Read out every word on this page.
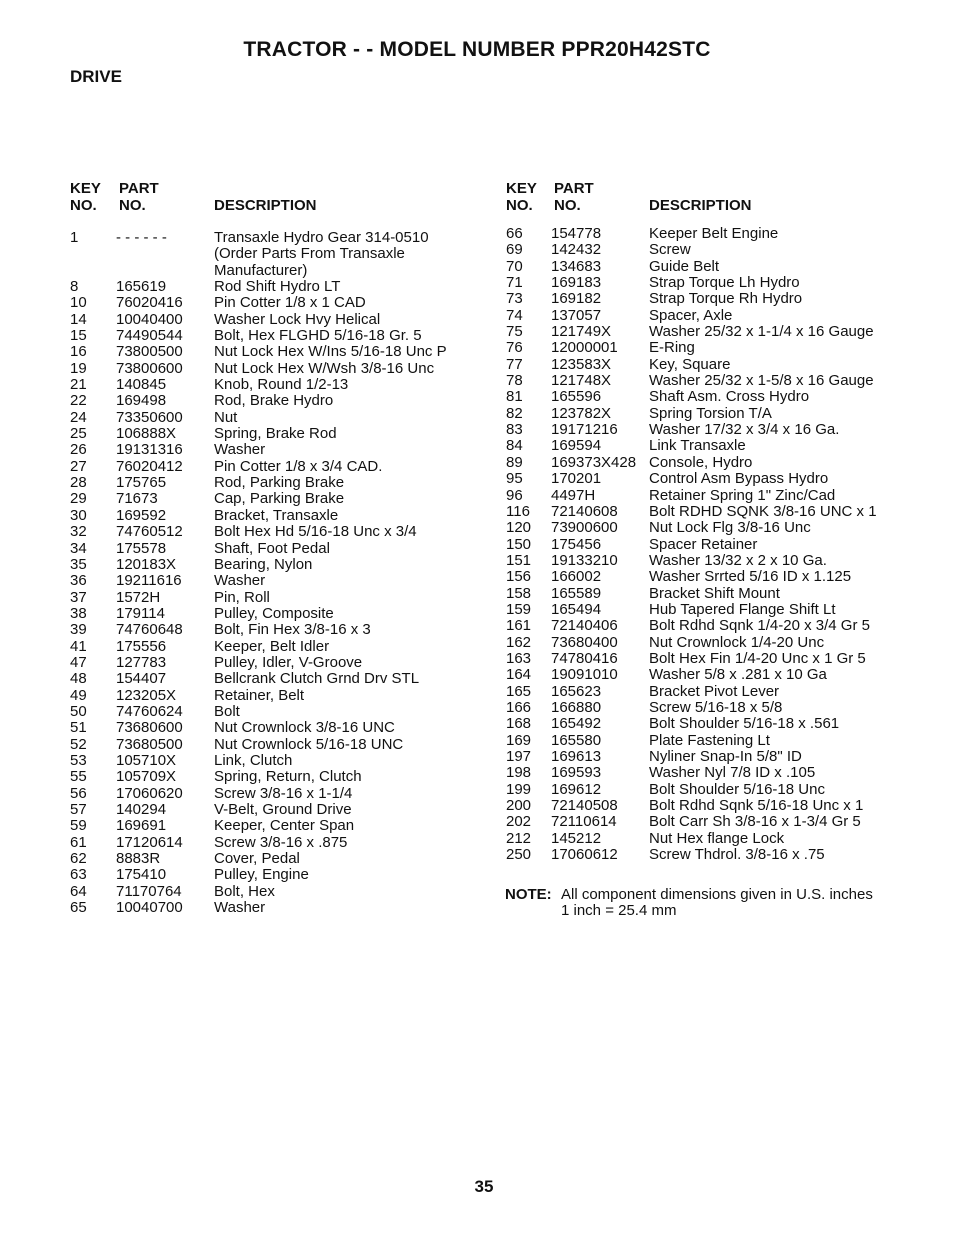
TRACTOR - - MODEL NUMBER PPR20H42STC
DRIVE
KEY
NO.
PART
NO.	DESCRIPTION
KEY
NO.
PART
NO.	DESCRIPTION
1	- - - - - -	Transaxle Hydro Gear 314-0510
(Order Parts From Transaxle
Manufacturer)
8	165619	Rod Shift Hydro LT
10 76020416 Pin Cotter 1/8 x 1 CAD
14 10040400 Washer Lock Hvy Helical
15 74490544 Bolt, Hex FLGHD 5/16-18 Gr. 5
16 73800500 Nut Lock Hex W/Ins 5/16-18 Unc P
19 73800600 Nut Lock Hex W/Wsh 3/8-16 Unc
21 140845	Knob, Round 1/2-13
22 169498	Rod, Brake Hydro
24 73350600 Nut
25 106888X	Spring, Brake Rod
26 19131316 Washer
27 76020412 Pin Cotter 1/8 x 3/4 CAD.
28 175765	Rod, Parking Brake
29 71673	Cap, Parking Brake
30 169592	Bracket, Transaxle
32 74760512 Bolt Hex Hd 5/16-18 Unc x 3/4
34 175578	Shaft, Foot Pedal
35 120183X	Bearing, Nylon
36 19211616 Washer
37 1572H	Pin, Roll
38 179114	Pulley, Composite
39 74760648 Bolt, Fin Hex 3/8-16 x 3
41 175556	Keeper, Belt Idler
47 127783	Pulley, Idler, V-Groove
48 154407	Bellcrank Clutch Grnd Drv STL
49 123205X	Retainer, Belt
50 74760624 Bolt
51 73680600 Nut Crownlock 3/8-16 UNC
52 73680500 Nut Crownlock 5/16-18 UNC
53 105710X	Link, Clutch
55 105709X	Spring, Return, Clutch
56 17060620 Screw 3/8-16 x 1-1/4
57 140294	V-Belt, Ground Drive
59 169691	Keeper, Center Span
61 17120614 Screw 3/8-16 x .875
62 8883R	Cover, Pedal
63 175410	Pulley, Engine
64 71170764 Bolt, Hex
65 10040700 Washer
66 154778	Keeper Belt Engine
69 142432	Screw
70 134683	Guide Belt
71 169183	Strap Torque Lh Hydro
73 169182	Strap Torque Rh Hydro
74 137057	Spacer, Axle
75 121749X	Washer 25/32 x 1-1/4 x 16 Gauge
76 12000001 E-Ring
77 123583X	Key, Square
78 121748X	Washer 25/32 x 1-5/8 x 16 Gauge
81 165596	Shaft Asm. Cross Hydro
82 123782X	Spring Torsion T/A
83 19171216 Washer 17/32 x 3/4 x 16 Ga.
84 169594	Link Transaxle
89 169373X428 Console, Hydro
95 170201	Control Asm Bypass Hydro
96 4497H	Retainer Spring 1" Zinc/Cad
116 72140608 Bolt RDHD SQNK 3/8-16 UNC x 1
120 73900600 Nut Lock Flg 3/8-16 Unc
150 175456	Spacer Retainer
151 19133210 Washer 13/32 x 2 x 10 Ga.
156 166002	Washer Srrted 5/16 ID x 1.125
158 165589	Bracket Shift Mount
159 165494	Hub Tapered Flange Shift Lt
161 72140406 Bolt Rdhd Sqnk 1/4-20 x 3/4 Gr 5
162 73680400 Nut Crownlock 1/4-20 Unc
163 74780416 Bolt Hex Fin 1/4-20 Unc x 1 Gr 5
164 19091010 Washer 5/8 x .281 x 10 Ga
165 165623	Bracket Pivot Lever
166 166880	Screw 5/16-18 x 5/8
168 165492	Bolt Shoulder 5/16-18 x .561
169 165580	Plate Fastening Lt
197 169613	Nyliner Snap-In 5/8" ID
198 169593	Washer Nyl 7/8 ID x .105
199 169612	Bolt Shoulder 5/16-18 Unc
200 72140508 Bolt Rdhd Sqnk 5/16-18 Unc x 1
202 72110614 Bolt Carr Sh 3/8-16 x 1-3/4 Gr 5
212 145212	Nut Hex flange Lock
250 17060612 Screw Thdrol. 3/8-16 x .75
NOTE: All component dimensions given in U.S. inches
1 inch = 25.4 mm
35
